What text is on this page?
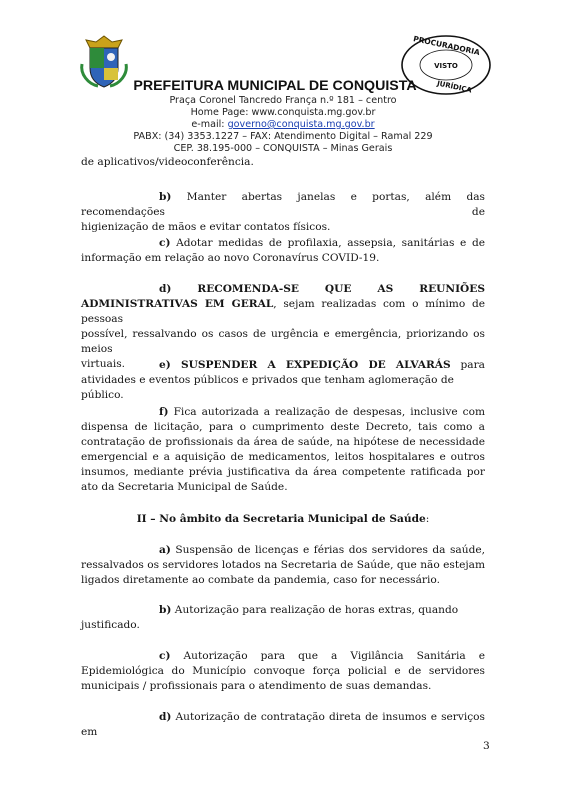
PROCURADORIA
VISTO
JURÍDICA
PREFEITURA MUNICIPAL DE CONQUISTA
Praça Coronel Tancredo França n.º 181 – centro
Home Page: www.conquista.mg.gov.br
e-mail: governo@conquista.mg.gov.br
PABX: (34) 3353.1227 – FAX: Atendimento Digital – Ramal 229
CEP. 38.195-000 – CONQUISTA – Minas Gerais
de aplicativos/videoconferência.
b) Manter abertas janelas e portas, além das recomendações de
higienização de mãos e evitar contatos físicos.
c) Adotar medidas de profilaxia, assepsia, sanitárias e de
informação em relação ao novo Coronavírus COVID-19.
d) RECOMENDA-SE QUE AS REUNIÕES
ADMINISTRATIVAS EM GERAL, sejam realizadas com o mínimo de pessoas
possível, ressalvando os casos de urgência e emergência, priorizando os meios
virtuais.	e) SUSPENDER A EXPEDIÇÃO DE ALVARÁS para
atividades e eventos públicos e privados que tenham aglomeração de público.
f) Fica autorizada a realização de despesas, inclusive com
dispensa de licitação, para o cumprimento deste Decreto, tais como a contratação de profissionais da área de saúde, na hipótese de necessidade emergencial e a aquisição de medicamentos, leitos hospitalares e outros insumos, mediante prévia justificativa da área competente ratificada por ato da Secretaria Municipal de Saúde.
II – No âmbito da Secretaria Municipal de Saúde:
a) Suspensão de licenças e férias dos servidores da saúde,
ressalvados os servidores lotados na Secretaria de Saúde, que não estejam ligados diretamente ao combate da pandemia, caso for necessário.
b) Autorização para realização de horas extras, quando
justificado.
c) Autorização para que a Vigilância Sanitária e
Epidemiológica do Município convoque força policial e de servidores municipais / profissionais para o atendimento de suas demandas.
d) Autorização de contratação direta de insumos e serviços em
3
